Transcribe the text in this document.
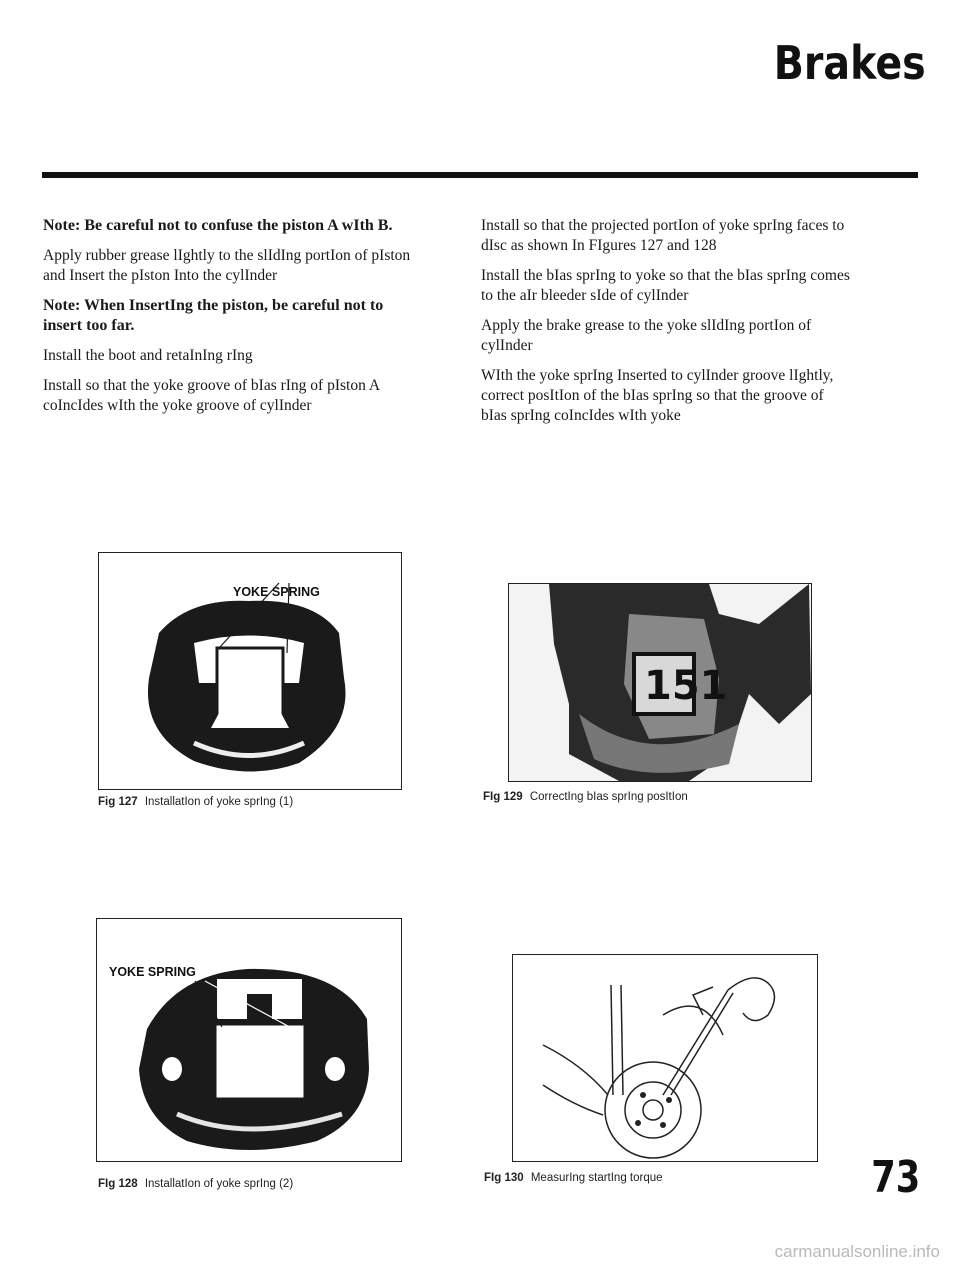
Brakes

Note: Be careful not to confuse the piston A wIth B.

Apply rubber grease lIghtly to the slIdIng portIon of pIston and Insert the pIston Into the cylInder

Note: When InsertIng the piston, be careful not to insert too far.

Install the boot and retaInIng rIng

Install so that the yoke groove of bIas rIng of pIston A coIncIdes wIth the yoke groove of cylInder

Install so that the projected portIon of yoke sprIng faces to dIsc as shown In FIgures 127 and 128

Install the bIas sprIng to yoke so that the bIas sprIng comes to the aIr bleeder sIde of cylInder

Apply the brake grease to the yoke slIdIng portIon of cylInder

WIth the yoke sprIng Inserted to cylInder groove lIghtly, correct posItIon of the bIas sprIng so that the groove of bIas sprIng coIncIdes wIth yoke

YOKE SPRING
Fig 127 InstallatIon of yoke sprIng (1)
151
FIg 129 CorrectIng bIas sprIng posItIon
YOKE SPRING
FIg 128 InstallatIon of yoke sprIng (2)	FIg 130 MeasurIng startIng torque	73
carmanualsonline.info
